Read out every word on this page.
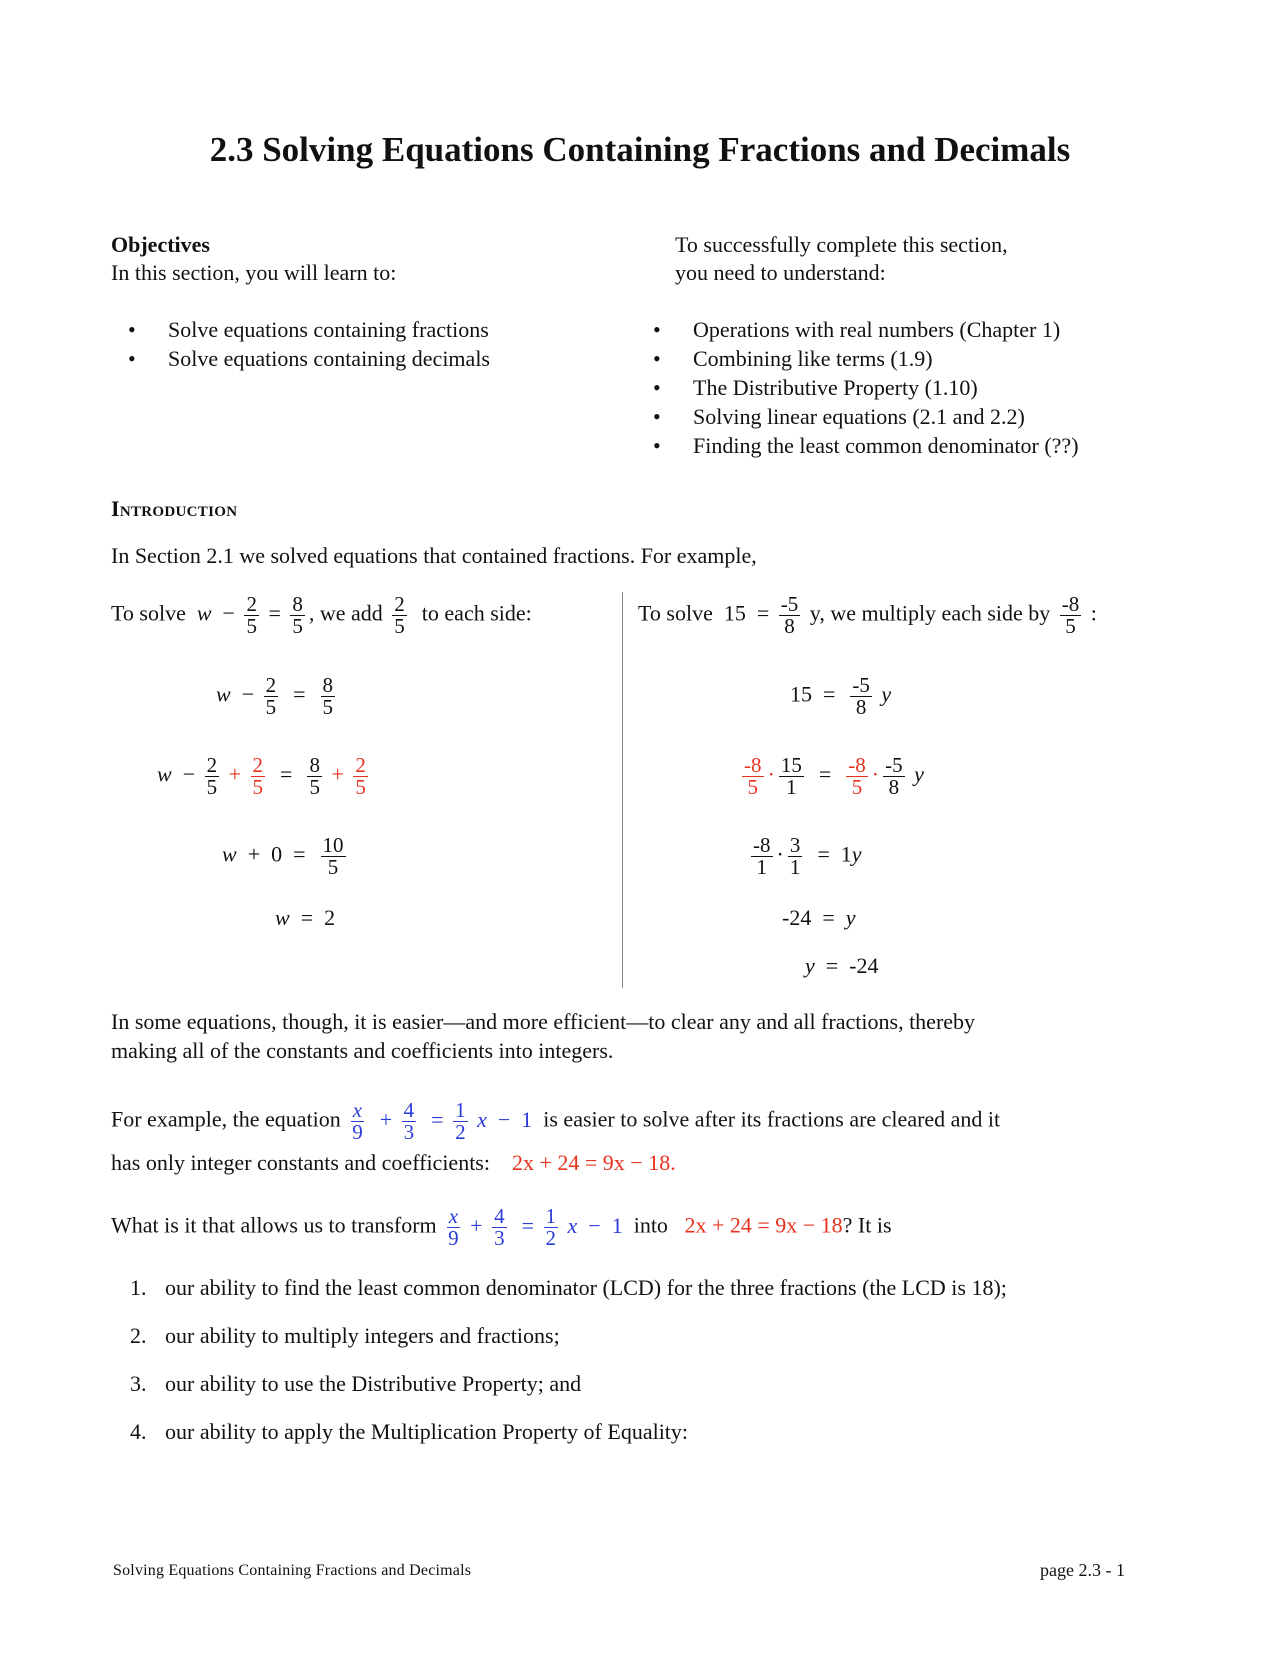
2.3 Solving Equations Containing Fractions and Decimals
Objectives
In this section, you will learn to:
• Solve equations containing fractions
• Solve equations containing decimals
To successfully complete this section,
you need to understand:
• Operations with real numbers (Chapter 1)
• Combining like terms (1.9)
• The Distributive Property (1.10)
• Solving linear equations (2.1 and 2.2)
• Finding the least common denominator (??)
Introduction
In Section 2.1 we solved equations that contained fractions. For example,
To solve $w - \frac{2}{5} = \frac{8}{5}$ , we add $\frac{2}{5}$ to each side:
$w - \frac{2}{5} = \frac{8}{5}$
$w - \frac{2}{5} + \frac{2}{5} = \frac{8}{5} + \frac{2}{5}$
$w + 0 = \frac{10}{5}$
w  =  2
To solve  $15 = \frac{-5}{8} y$, we multiply each side by $\frac{-8}{5}$ :
$15 = \frac{-5}{8}$ y
$\frac{-8}{5} \cdot \frac{15}{1} = \frac{-8}{5} \cdot \frac{-5}{8}$ y
$\frac{-8}{1} \cdot \frac{3}{1} = 1y$
-24  =  y
y  =  -24
In some equations, though, it is easier—and more efficient—to clear any and all fractions, thereby
making all of the constants and coefficients into integers.
For example, the equation $\frac{x}{9} + \frac{4}{3} = \frac{1}{2}$ x  −  1  is easier to solve after its fractions are cleared and it
has only integer constants and coefficients: 2x + 24 = 9x − 18.
What is it that allows us to transform $\frac{x}{9} + \frac{4}{3} = \frac{1}{2}$ x  −  1  into 2x + 24 = 9x − 18? It is
1. our ability to find the least common denominator (LCD) for the three fractions (the LCD is 18);
2. our ability to multiply integers and fractions;
3. our ability to use the Distributive Property; and
4. our ability to apply the Multiplication Property of Equality:
Solving Equations Containing Fractions and Decimals	page 2.3 - 1
